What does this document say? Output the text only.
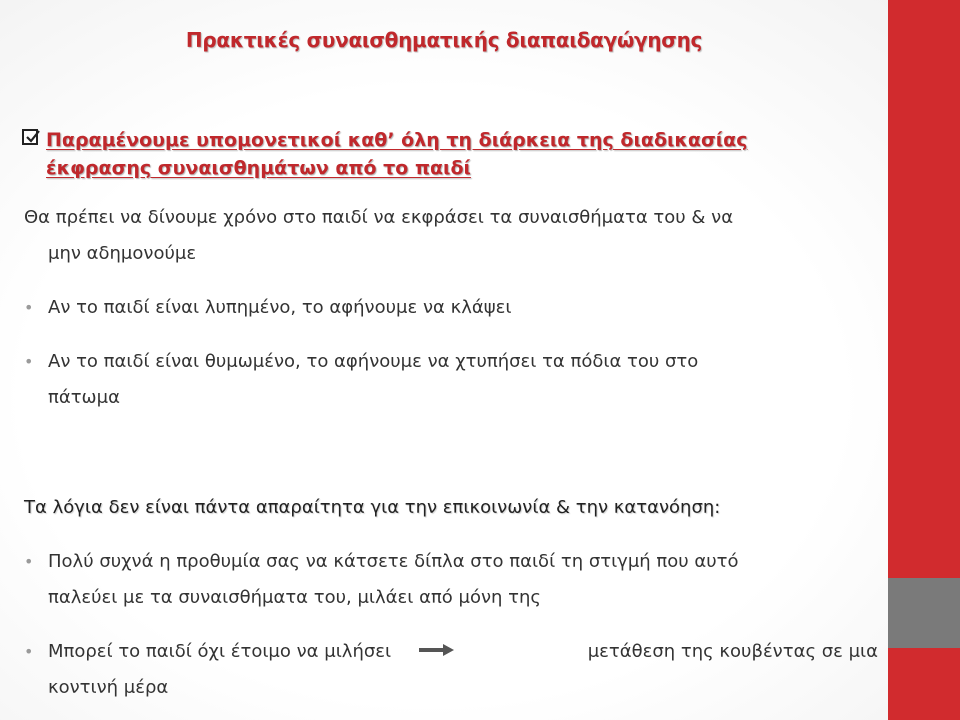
Πρακτικές συναισθηματικής διαπαιδαγώγησης
Παραμένουμε υπομονετικοί καθ’ όλη τη διάρκεια της διαδικασίας
έκφρασης συναισθημάτων από το παιδί
Θα πρέπει να δίνουμε χρόνο στο παιδί να εκφράσει τα συναισθήματα του & να
μην αδημονούμε
• Αν το παιδί είναι λυπημένο, το αφήνουμε να κλάψει
• Αν το παιδί είναι θυμωμένο, το αφήνουμε να χτυπήσει τα πόδια του στο
πάτωμα
Τα λόγια δεν είναι πάντα απαραίτητα για την επικοινωνία & την κατανόηση:
• Πολύ συχνά η προθυμία σας να κάτσετε δίπλα στο παιδί τη στιγμή που αυτό
παλεύει με τα συναισθήματα του, μιλάει από μόνη της
• Μπορεί το παιδί όχι έτοιμο να μιλήσει	μετάθεση της κουβέντας σε μια
κοντινή μέρα
